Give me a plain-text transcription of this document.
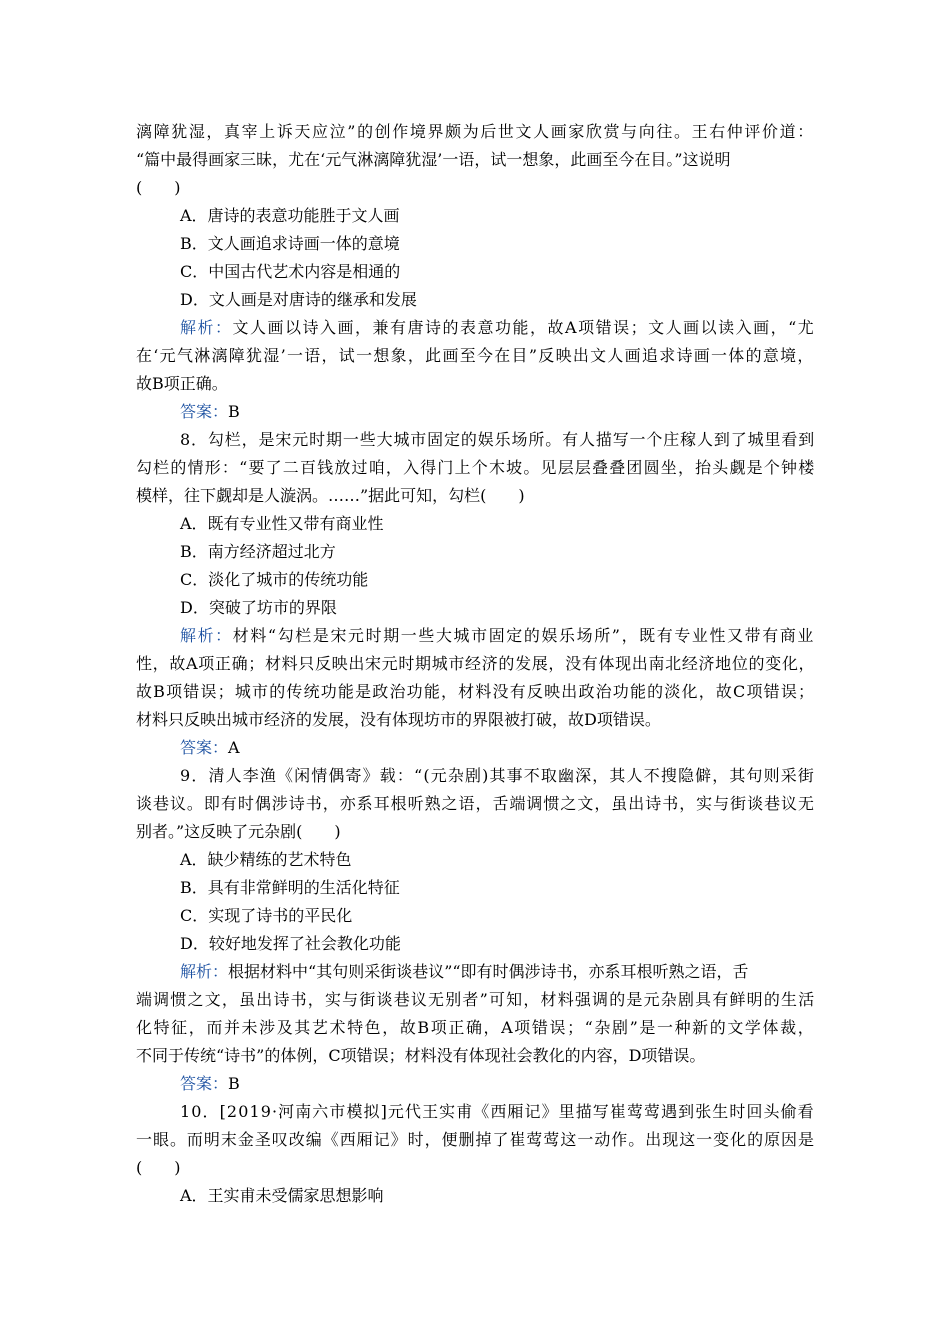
漓障犹湿，真宰上诉天应泣”的创作境界颇为后世文人画家欣赏与向往。王右仲评价道：
“篇中最得画家三昧，尤在‘元气淋漓障犹湿’一语，试一想象，此画至今在目。”这说明
(　　)
A．唐诗的表意功能胜于文人画
B．文人画追求诗画一体的意境
C．中国古代艺术内容是相通的
D．文人画是对唐诗的继承和发展
解析：文人画以诗入画，兼有唐诗的表意功能，故A项错误；文人画以读入画，“尤
在‘元气淋漓障犹湿’一语，试一想象，此画至今在目”反映出文人画追求诗画一体的意境，
故B项正确。
答案：B
8．勾栏，是宋元时期一些大城市固定的娱乐场所。有人描写一个庄稼人到了城里看到
勾栏的情形：“要了二百钱放过咱，入得门上个木坡。见层层叠叠团圆坐，抬头觑是个钟楼
模样，往下觑却是人漩涡。……”据此可知，勾栏(　　)
A．既有专业性又带有商业性
B．南方经济超过北方
C．淡化了城市的传统功能
D．突破了坊市的界限
解析：材料“勾栏是宋元时期一些大城市固定的娱乐场所”，既有专业性又带有商业
性，故A项正确；材料只反映出宋元时期城市经济的发展，没有体现出南北经济地位的变化，
故B项错误；城市的传统功能是政治功能，材料没有反映出政治功能的淡化，故C项错误；
材料只反映出城市经济的发展，没有体现坊市的界限被打破，故D项错误。
答案：A
9．清人李渔《闲情偶寄》载：“(元杂剧)其事不取幽深，其人不搜隐僻，其句则采街
谈巷议。即有时偶涉诗书，亦系耳根听熟之语，舌端调惯之文，虽出诗书，实与街谈巷议无
别者。”这反映了元杂剧(　　)
A．缺少精练的艺术特色
B．具有非常鲜明的生活化特征
C．实现了诗书的平民化
D．较好地发挥了社会教化功能
解析：根据材料中“其句则采街谈巷议”“即有时偶涉诗书，亦系耳根听熟之语，舌
端调惯之文，虽出诗书，实与街谈巷议无别者”可知，材料强调的是元杂剧具有鲜明的生活
化特征，而并未涉及其艺术特色，故B项正确，A项错误；“杂剧”是一种新的文学体裁，
不同于传统“诗书”的体例，C项错误；材料没有体现社会教化的内容，D项错误。
答案：B
10．[2019·河南六市模拟]元代王实甫《西厢记》里描写崔莺莺遇到张生时回头偷看
一眼。而明末金圣叹改编《西厢记》时，便删掉了崔莺莺这一动作。出现这一变化的原因是
(　　)
A．王实甫未受儒家思想影响
